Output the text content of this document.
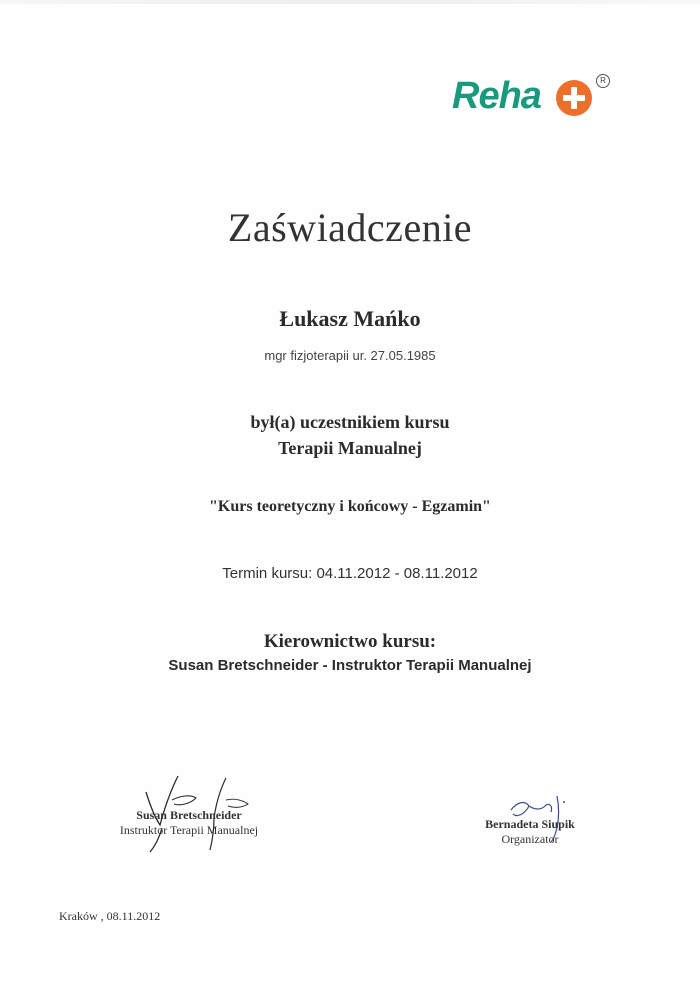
Reha	R
Zaświadczenie
Łukasz Mańko
mgr fizjoterapii ur. 27.05.1985
był(a) uczestnikiem kursu
Terapii Manualnej
"Kurs teoretyczny i końcowy - Egzamin"
Termin kursu: 04.11.2012 - 08.11.2012
Kierownictwo kursu:
Susan Bretschneider - Instruktor Terapii Manualnej
Susan Bretschneider
Instruktor Terapii Manualnej	Bernadeta Siupik
Organizator
Kraków , 08.11.2012
